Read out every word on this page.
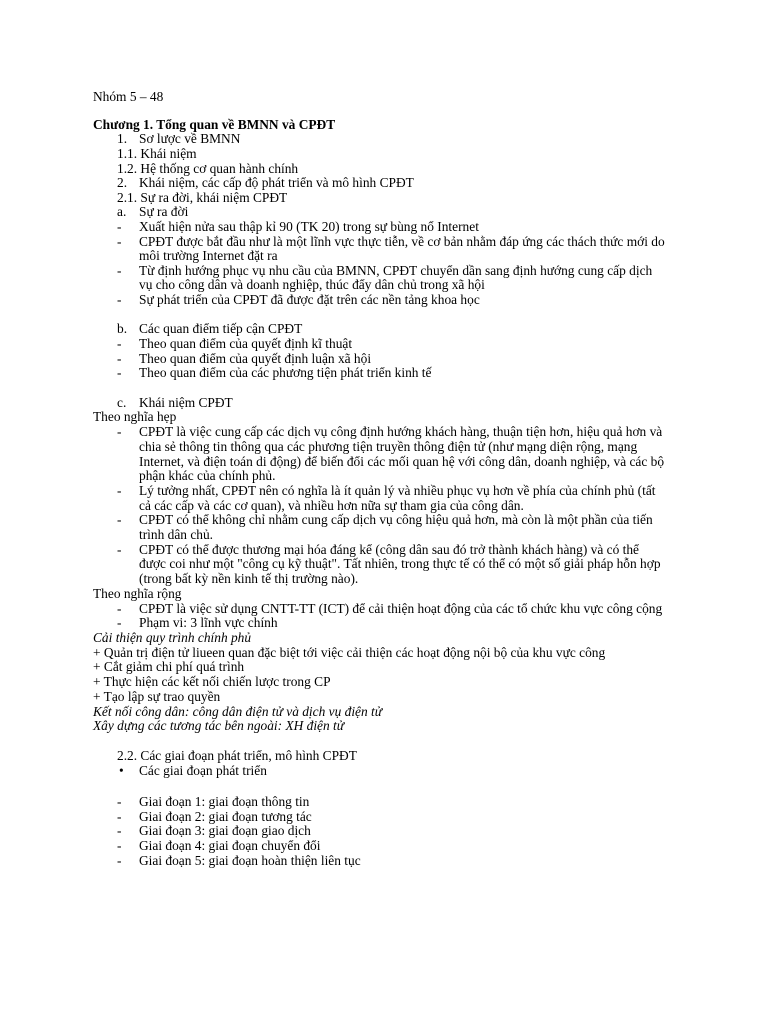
Nhóm 5 – 48
Chương 1. Tổng quan về BMNN và CPĐT
1. Sơ lược về BMNN
1.1. Khái niệm
1.2. Hệ thống cơ quan hành chính
2. Khái niệm, các cấp độ phát triển và mô hình CPĐT
2.1. Sự ra đời, khái niệm CPĐT
a. Sự ra đời
- Xuất hiện nửa sau thập kỉ 90 (TK 20) trong sự bùng nổ Internet
- CPĐT được bắt đầu như là một lĩnh vực thực tiễn, về cơ bản nhằm đáp ứng các thách thức mới do
môi trường Internet đặt ra
- Từ định hướng phục vụ nhu cầu của BMNN, CPĐT chuyển dần sang định hướng cung cấp dịch
vụ cho công dân và doanh nghiệp, thúc đẩy dân chủ trong xã hội
- Sự phát triển của CPĐT đã được đặt trên các nền tảng khoa học
b. Các quan điểm tiếp cận CPĐT
- Theo quan điểm của quyết định kĩ thuật
- Theo quan điểm của quyết định luận xã hội
- Theo quan điểm của các phương tiện phát triển kinh tế
c. Khái niệm CPĐT
Theo nghĩa hẹp
- CPĐT là việc cung cấp các dịch vụ công định hướng khách hàng, thuận tiện hơn, hiệu quả hơn và
chia sẻ thông tin thông qua các phương tiện truyền thông điện tử (như mạng diện rộng, mạng
Internet, và điện toán di động) để biến đổi các mối quan hệ với công dân, doanh nghiệp, và các bộ
phận khác của chính phủ.
- Lý tưởng nhất, CPĐT nên có nghĩa là ít quản lý và nhiều phục vụ hơn về phía của chính phủ (tất
cả các cấp và các cơ quan), và nhiều hơn nữa sự tham gia của công dân.
- CPĐT có thể không chỉ nhằm cung cấp dịch vụ công hiệu quả hơn, mà còn là một phần của tiến
trình dân chủ.
- CPĐT có thể được thương mại hóa đáng kể (công dân sau đó trở thành khách hàng) và có thể
được coi như một "công cụ kỹ thuật". Tất nhiên, trong thực tế có thể có một số giải pháp hỗn hợp
(trong bất kỳ nền kinh tế thị trường nào).
Theo nghĩa rộng
- CPĐT là việc sử dụng CNTT-TT (ICT) để cải thiện hoạt động của các tổ chức khu vực công cộng
- Phạm vi: 3 lĩnh vực chính
Cải thiện quy trình chính phủ
+ Quản trị điện tử liueen quan đặc biệt tới việc cải thiện các hoạt động nội bộ của khu vực công
+ Cắt giảm chi phí quá trình
+ Thực hiện các kết nối chiến lược trong CP
+ Tạo lập sự trao quyền
Kết nối công dân: công dân điện tử và dịch vụ điện tử
Xây dựng các tương tác bên ngoài: XH điện tử
2.2. Các giai đoạn phát triển, mô hình CPĐT
• Các giai đoạn phát triển
- Giai đoạn 1: giai đoạn thông tin
- Giai đoạn 2: giai đoạn tương tác
- Giai đoạn 3: giai đoạn giao dịch
- Giai đoạn 4: giai đoạn chuyển đổi
- Giai đoạn 5: giai đoạn hoàn thiện liên tục
